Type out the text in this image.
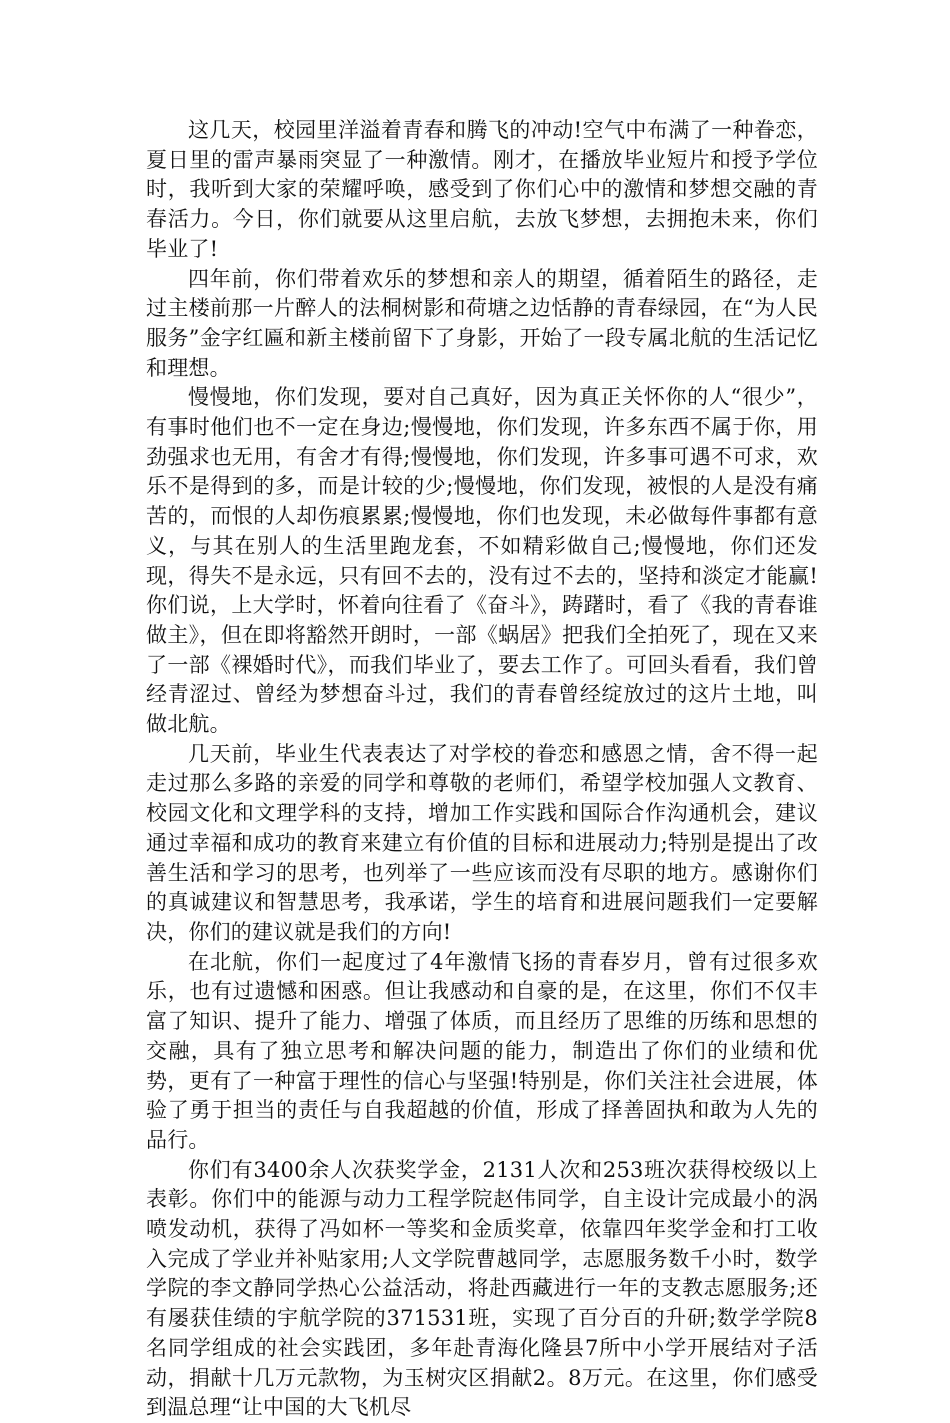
这几天，校园里洋溢着青春和腾飞的冲动!空气中布满了一种眷恋，夏日里的雷声暴雨突显了一种激情。刚才，在播放毕业短片和授予学位时，我听到大家的荣耀呼唤，感受到了你们心中的激情和梦想交融的青春活力。今日，你们就要从这里启航，去放飞梦想，去拥抱未来，你们毕业了!

四年前，你们带着欢乐的梦想和亲人的期望，循着陌生的路径，走过主楼前那一片醉人的法桐树影和荷塘之边恬静的青春绿园，在“为人民服务”金字红匾和新主楼前留下了身影，开始了一段专属北航的生活记忆和理想。

慢慢地，你们发现，要对自己真好，因为真正关怀你的人“很少”，有事时他们也不一定在身边;慢慢地，你们发现，许多东西不属于你，用劲强求也无用，有舍才有得;慢慢地，你们发现，许多事可遇不可求，欢乐不是得到的多，而是计较的少;慢慢地，你们发现，被恨的人是没有痛苦的，而恨的人却伤痕累累;慢慢地，你们也发现，未必做每件事都有意义，与其在别人的生活里跑龙套，不如精彩做自己;慢慢地，你们还发现，得失不是永远，只有回不去的，没有过不去的，坚持和淡定才能赢!你们说，上大学时，怀着向往看了《奋斗》，踌躇时，看了《我的青春谁做主》，但在即将豁然开朗时，一部《蜗居》把我们全拍死了，现在又来了一部《裸婚时代》，而我们毕业了，要去工作了。可回头看看，我们曾经青涩过、曾经为梦想奋斗过，我们的青春曾经绽放过的这片土地，叫做北航。

几天前，毕业生代表表达了对学校的眷恋和感恩之情，舍不得一起走过那么多路的亲爱的同学和尊敬的老师们，希望学校加强人文教育、校园文化和文理学科的支持，增加工作实践和国际合作沟通机会，建议通过幸福和成功的教育来建立有价值的目标和进展动力;特别是提出了改善生活和学习的思考，也列举了一些应该而没有尽职的地方。感谢你们的真诚建议和智慧思考，我承诺，学生的培育和进展问题我们一定要解决，你们的建议就是我们的方向!

在北航，你们一起度过了4年激情飞扬的青春岁月，曾有过很多欢乐，也有过遗憾和困惑。但让我感动和自豪的是，在这里，你们不仅丰富了知识、提升了能力、增强了体质，而且经历了思维的历练和思想的交融，具有了独立思考和解决问题的能力，制造出了你们的业绩和优势，更有了一种富于理性的信心与坚强!特别是，你们关注社会进展，体验了勇于担当的责任与自我超越的价值，形成了择善固执和敢为人先的品行。

你们有3400余人次获奖学金，2131人次和253班次获得校级以上表彰。你们中的能源与动力工程学院赵伟同学，自主设计完成最小的涡喷发动机，获得了冯如杯一等奖和金质奖章，依靠四年奖学金和打工收入完成了学业并补贴家用;人文学院曹越同学，志愿服务数千小时，数学学院的李文静同学热心公益活动，将赴西藏进行一年的支教志愿服务;还有屡获佳绩的宇航学院的371531班，实现了百分百的升研;数学学院8名同学组成的社会实践团，多年赴青海化隆县7所中小学开展结对子活动，捐献十几万元款物，为玉树灾区捐献2。8万元。在这里，你们感受到温总理“让中国的大飞机尽
